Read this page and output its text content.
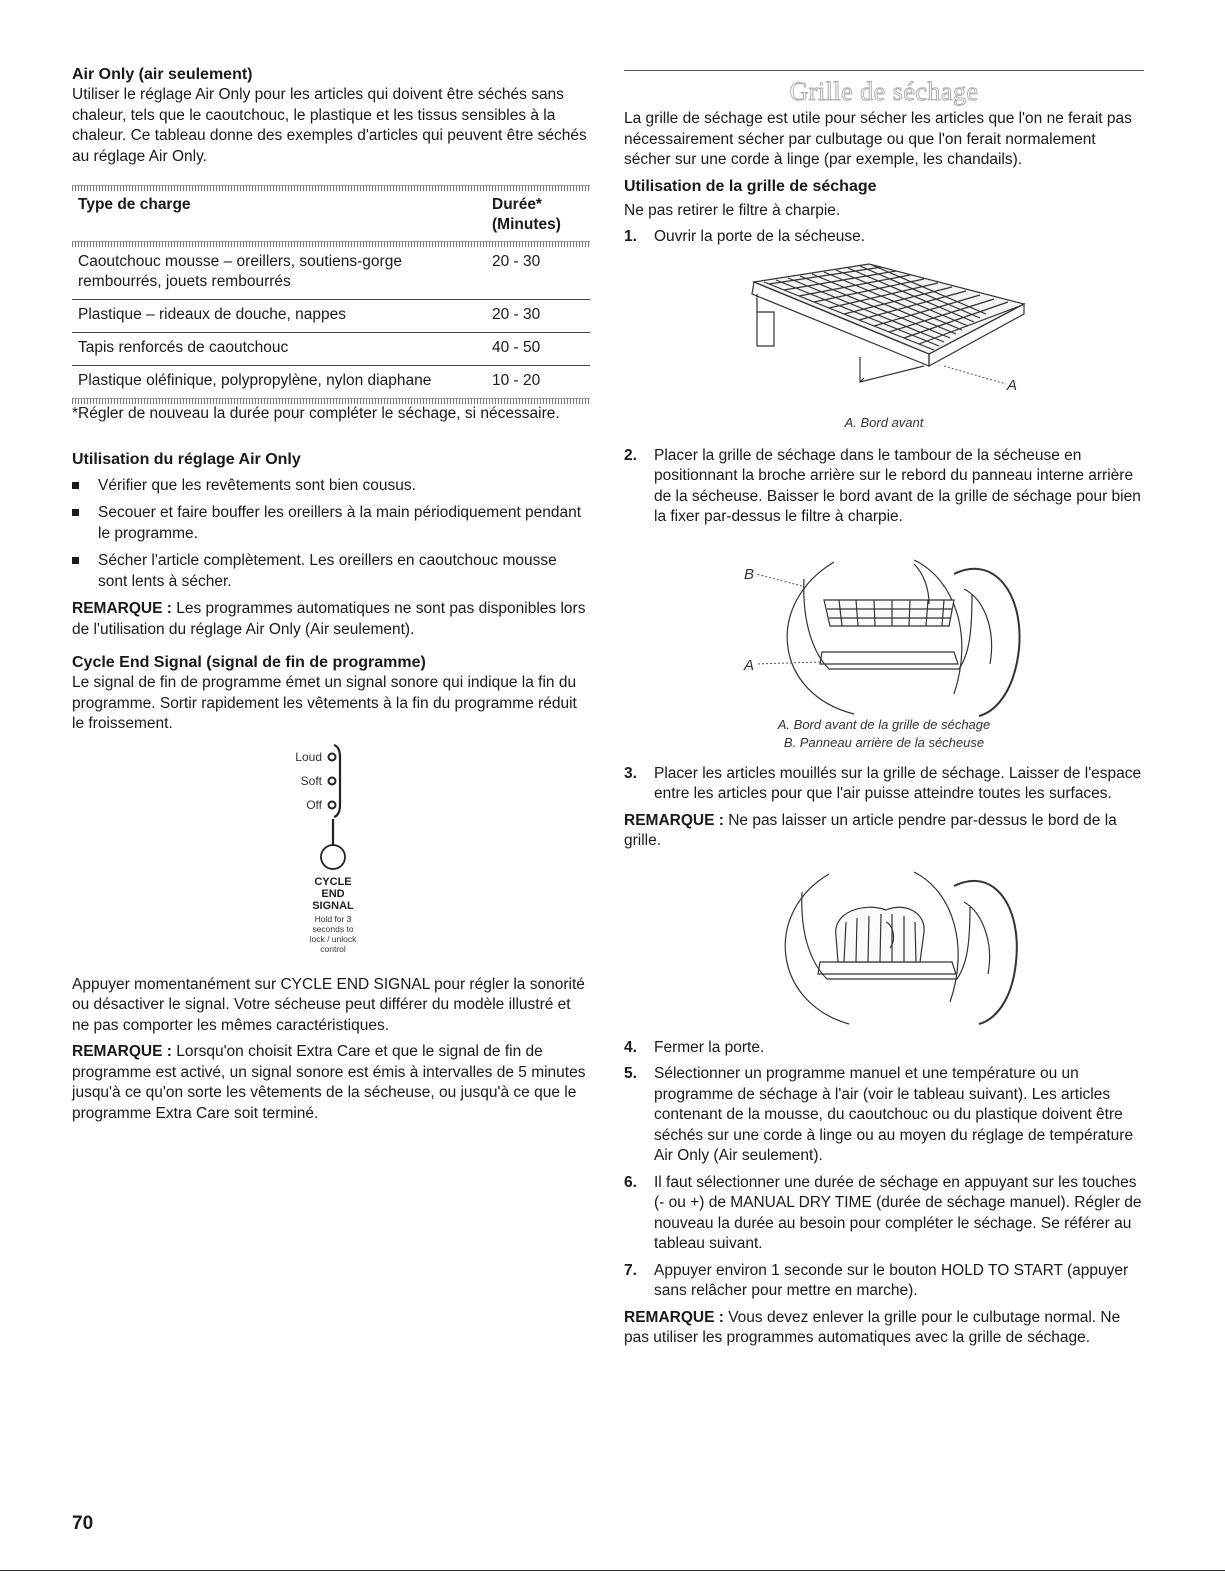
Air Only (air seulement)

Utiliser le réglage Air Only pour les articles qui doivent être séchés sans chaleur, tels que le caoutchouc, le plastique et les tissus sensibles à la chaleur. Ce tableau donne des exemples d'articles qui peuvent être séchés au réglage Air Only.

Type de charge	Durée*
(Minutes)
Caoutchouc mousse – oreillers, soutiens-gorge rembourrés, jouets rembourrés	20 - 30
Plastique – rideaux de douche, nappes	20 - 30
Tapis renforcés de caoutchouc	40 - 50
Plastique oléfinique, polypropylène, nylon diaphane	10 - 20

*Régler de nouveau la durée pour compléter le séchage, si nécessaire.

Utilisation du réglage Air Only
Vérifier que les revêtements sont bien cousus.
Secouer et faire bouffer les oreillers à la main périodiquement pendant le programme.
Sécher l'article complètement. Les oreillers en caoutchouc mousse sont lents à sécher.

REMARQUE : Les programmes automatiques ne sont pas disponibles lors de l'utilisation du réglage Air Only (Air seulement).

Cycle End Signal (signal de fin de programme)

Le signal de fin de programme émet un signal sonore qui indique la fin du programme. Sortir rapidement les vêtements à la fin du programme réduit le froissement.

Loud
Soft
Off
CYCLE
END
SIGNAL
Hold for 3
seconds to
lock / unlock
control

Appuyer momentanément sur CYCLE END SIGNAL pour régler la sonorité ou désactiver le signal. Votre sécheuse peut différer du modèle illustré et ne pas comporter les mêmes caractéristiques.

REMARQUE : Lorsqu'on choisit Extra Care et que le signal de fin de programme est activé, un signal sonore est émis à intervalles de 5 minutes jusqu'à ce qu'on sorte les vêtements de la sécheuse, ou jusqu'à ce que le programme Extra Care soit terminé.

Grille de séchage

La grille de séchage est utile pour sécher les articles que l'on ne ferait pas nécessairement sécher par culbutage ou que l'on ferait normalement sécher sur une corde à linge (par exemple, les chandails).

Utilisation de la grille de séchage

Ne pas retirer le filtre à charpie.

1. Ouvrir la porte de la sécheuse.
A
A. Bord avant
2. Placer la grille de séchage dans le tambour de la sécheuse en positionnant la broche arrière sur le rebord du panneau interne arrière de la sécheuse. Baisser le bord avant de la grille de séchage pour bien la fixer par-dessus le filtre à charpie.
B
A
A. Bord avant de la grille de séchage
B. Panneau arrière de la sécheuse
3. Placer les articles mouillés sur la grille de séchage. Laisser de l'espace entre les articles pour que l'air puisse atteindre toutes les surfaces.

REMARQUE : Ne pas laisser un article pendre par-dessus le bord de la grille.

4. Fermer la porte.
5. Sélectionner un programme manuel et une température ou un programme de séchage à l'air (voir le tableau suivant). Les articles contenant de la mousse, du caoutchouc ou du plastique doivent être séchés sur une corde à linge ou au moyen du réglage de température Air Only (Air seulement).
6. Il faut sélectionner une durée de séchage en appuyant sur les touches (- ou +) de MANUAL DRY TIME (durée de séchage manuel). Régler de nouveau la durée au besoin pour compléter le séchage. Se référer au tableau suivant.
7. Appuyer environ 1 seconde sur le bouton HOLD TO START (appuyer sans relâcher pour mettre en marche).

REMARQUE : Vous devez enlever la grille pour le culbutage normal. Ne pas utiliser les programmes automatiques avec la grille de séchage.

70
